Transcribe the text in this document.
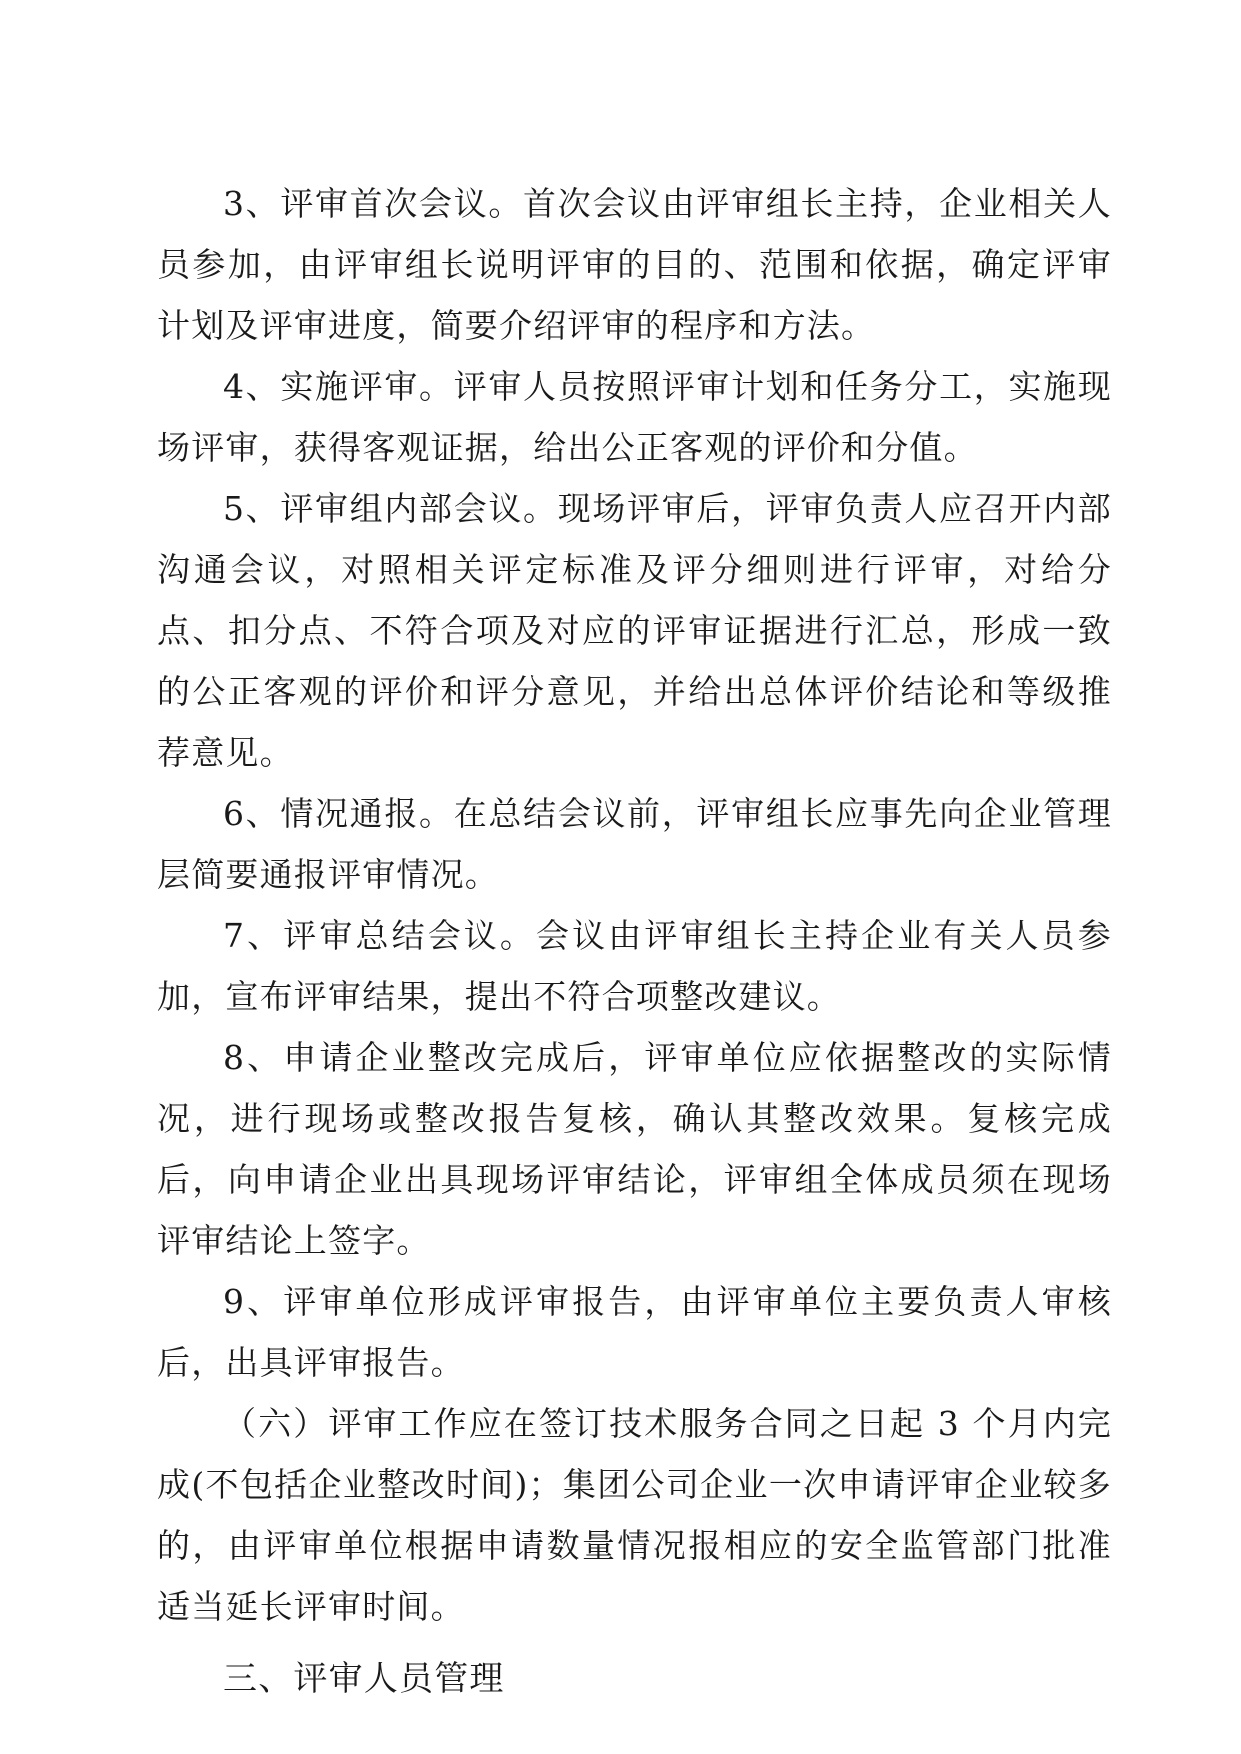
3、评审首次会议。首次会议由评审组长主持，企业相关人员参加，由评审组长说明评审的目的、范围和依据，确定评审计划及评审进度，简要介绍评审的程序和方法。

4、实施评审。评审人员按照评审计划和任务分工，实施现场评审，获得客观证据，给出公正客观的评价和分值。

5、评审组内部会议。现场评审后，评审负责人应召开内部沟通会议，对照相关评定标准及评分细则进行评审，对给分点、扣分点、不符合项及对应的评审证据进行汇总，形成一致的公正客观的评价和评分意见，并给出总体评价结论和等级推荐意见。

6、情况通报。在总结会议前，评审组长应事先向企业管理层简要通报评审情况。

7、评审总结会议。会议由评审组长主持企业有关人员参加，宣布评审结果，提出不符合项整改建议。

8、申请企业整改完成后，评审单位应依据整改的实际情况，进行现场或整改报告复核，确认其整改效果。复核完成后，向申请企业出具现场评审结论，评审组全体成员须在现场评审结论上签字。

9、评审单位形成评审报告，由评审单位主要负责人审核后，出具评审报告。

（六）评审工作应在签订技术服务合同之日起 3 个月内完成(不包括企业整改时间)；集团公司企业一次申请评审企业较多的，由评审单位根据申请数量情况报相应的安全监管部门批准适当延长评审时间。

三、评审人员管理
